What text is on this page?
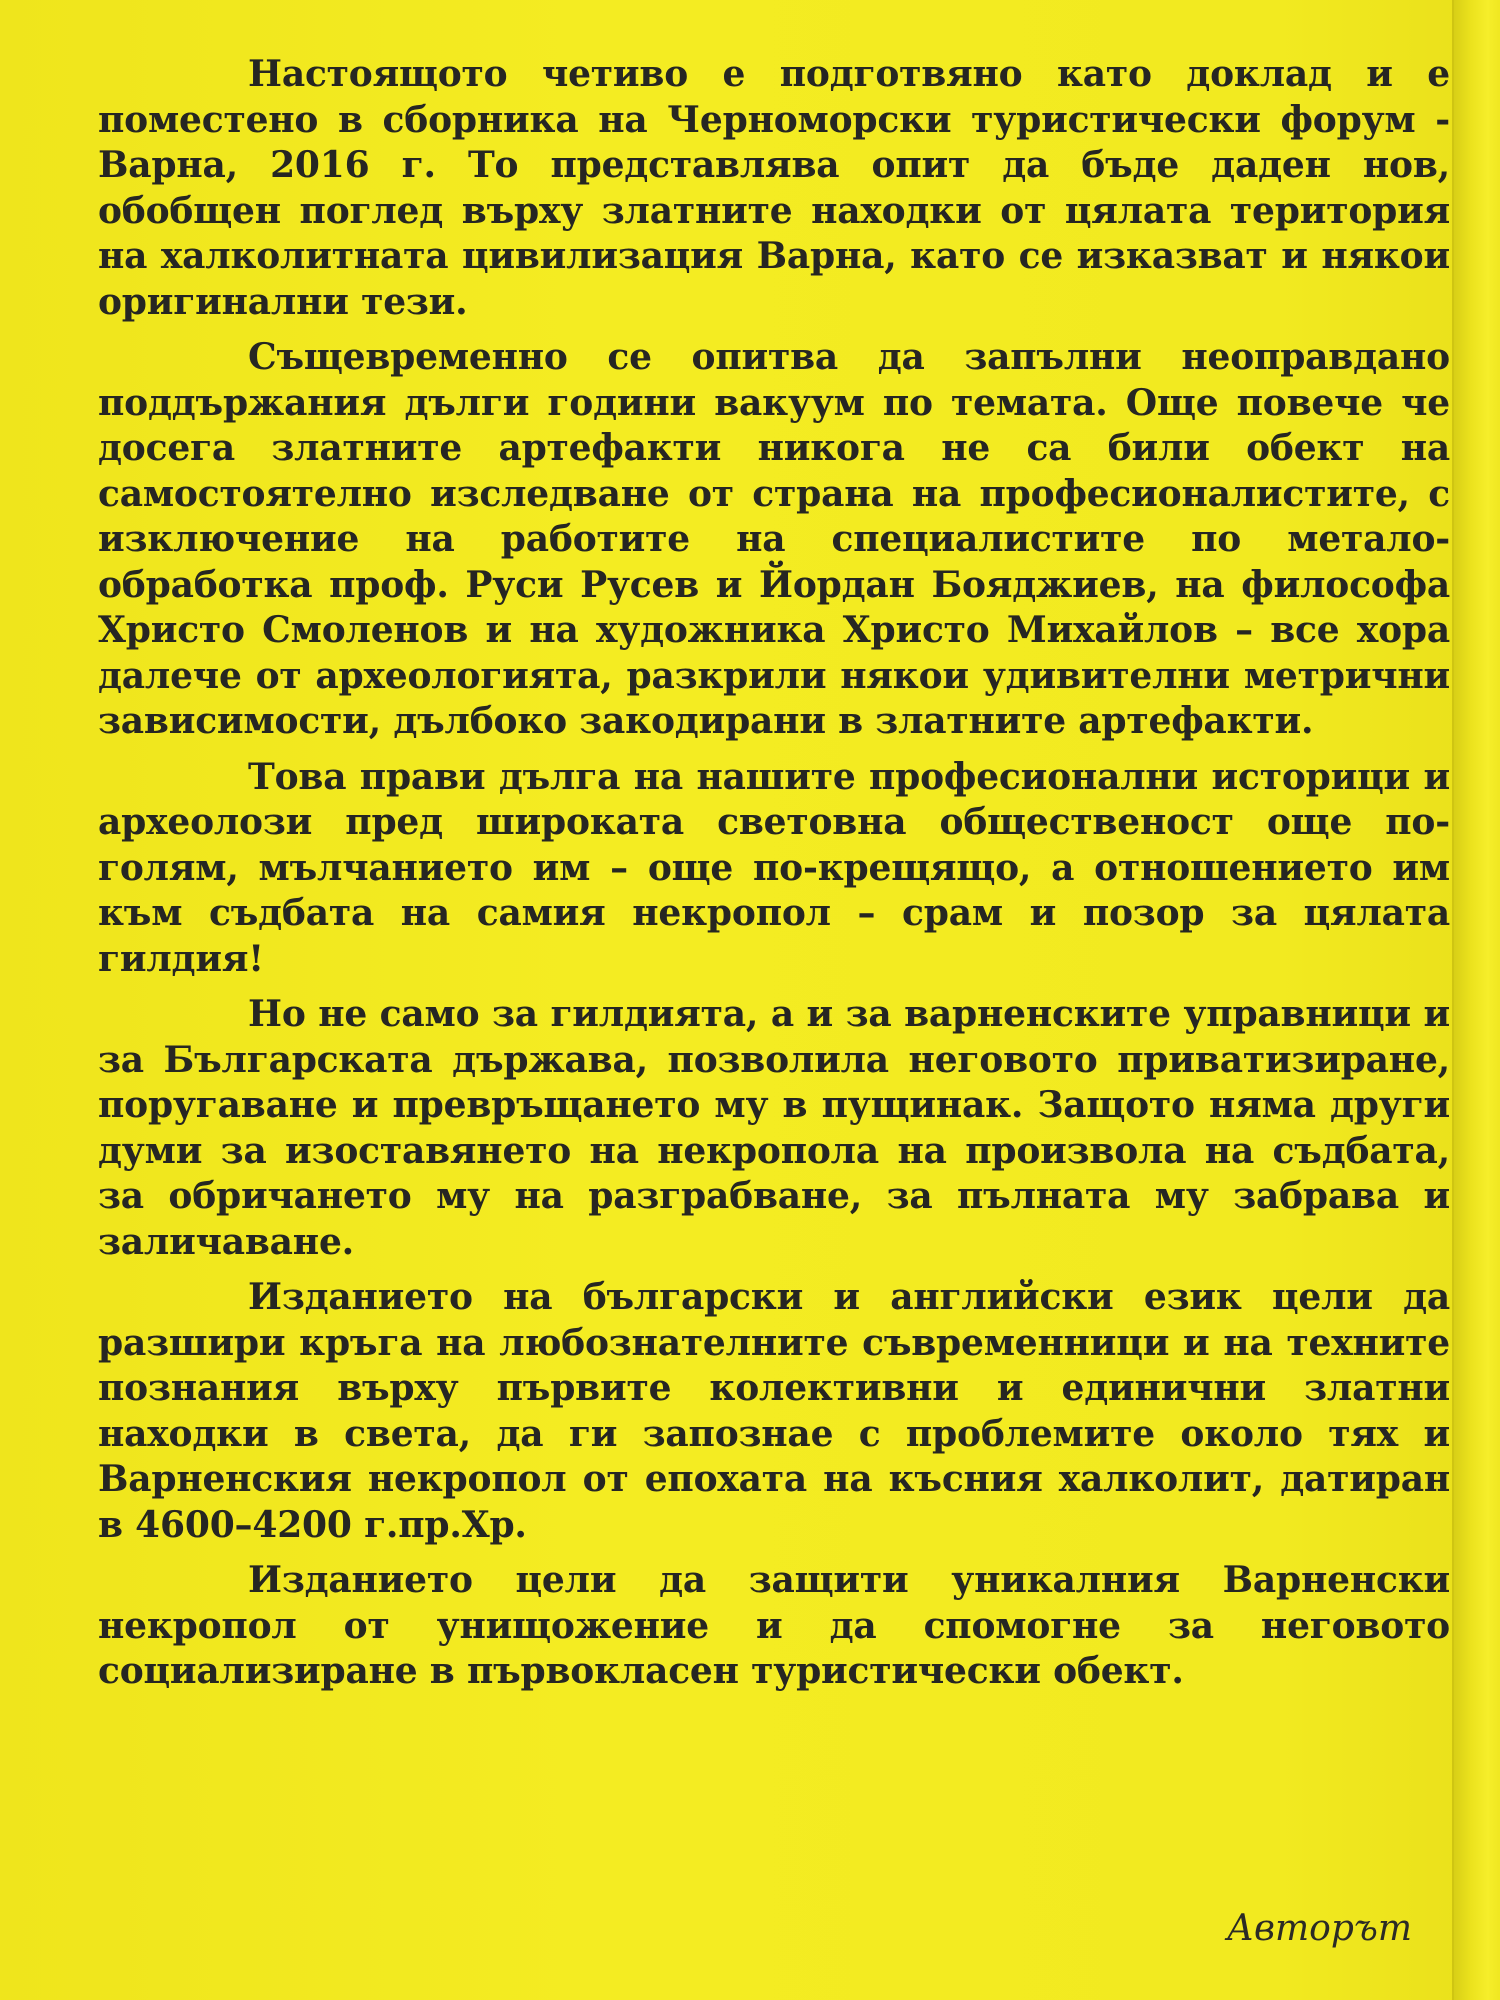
Настоящото четиво е подготвяно като доклад и е поместено в сборника на Черноморски туристически форум - Варна, 2016 г. То представлява опит да бъде даден нов, обобщен поглед върху златните находки от цялата територия на халколитната цивилизация Варна, като се изказват и някои оригинални тези.

Същевременно се опитва да запълни неоправдано поддържания дълги години вакуум по темата. Още повече че досега златните артефакти никога не са били обект на самостоятелно изследване от страна на професионалистите, с изключение на работите на специалистите по метало-обработка проф. Руси Русев и Йордан Бояджиев, на философа Христо Смоленов и на художника Христо Михайлов – все хора далече от археологията, разкрили някои удивителни метрични зависимости, дълбоко закодирани в златните артефакти.

Това прави дълга на нашите професионални историци и археолози пред широката световна общественост още по-голям, мълчанието им – още по-крещящо, а отношението им към съдбата на самия некропол – срам и позор за цялата гилдия!

Но не само за гилдията, а и за варненските управници и за Българската държава, позволила неговото приватизиране, поругаване и превръщането му в пущинак. Защото няма други думи за изоставянето на некропола на произвола на съдбата, за обричането му на разграбване, за пълната му забрава и заличаване.

Изданието на български и английски език цели да разшири кръга на любознателните съвременници и на техните познания върху първите колективни и единични златни находки в света, да ги запознае с проблемите около тях и Варненския некропол от епохата на късния халколит, датиран в 4600–4200 г.пр.Хр.

Изданието цели да защити уникалния Варненски некропол от унищожение и да спомогне за неговото социализиране в първокласен туристически обект.

Авторът
